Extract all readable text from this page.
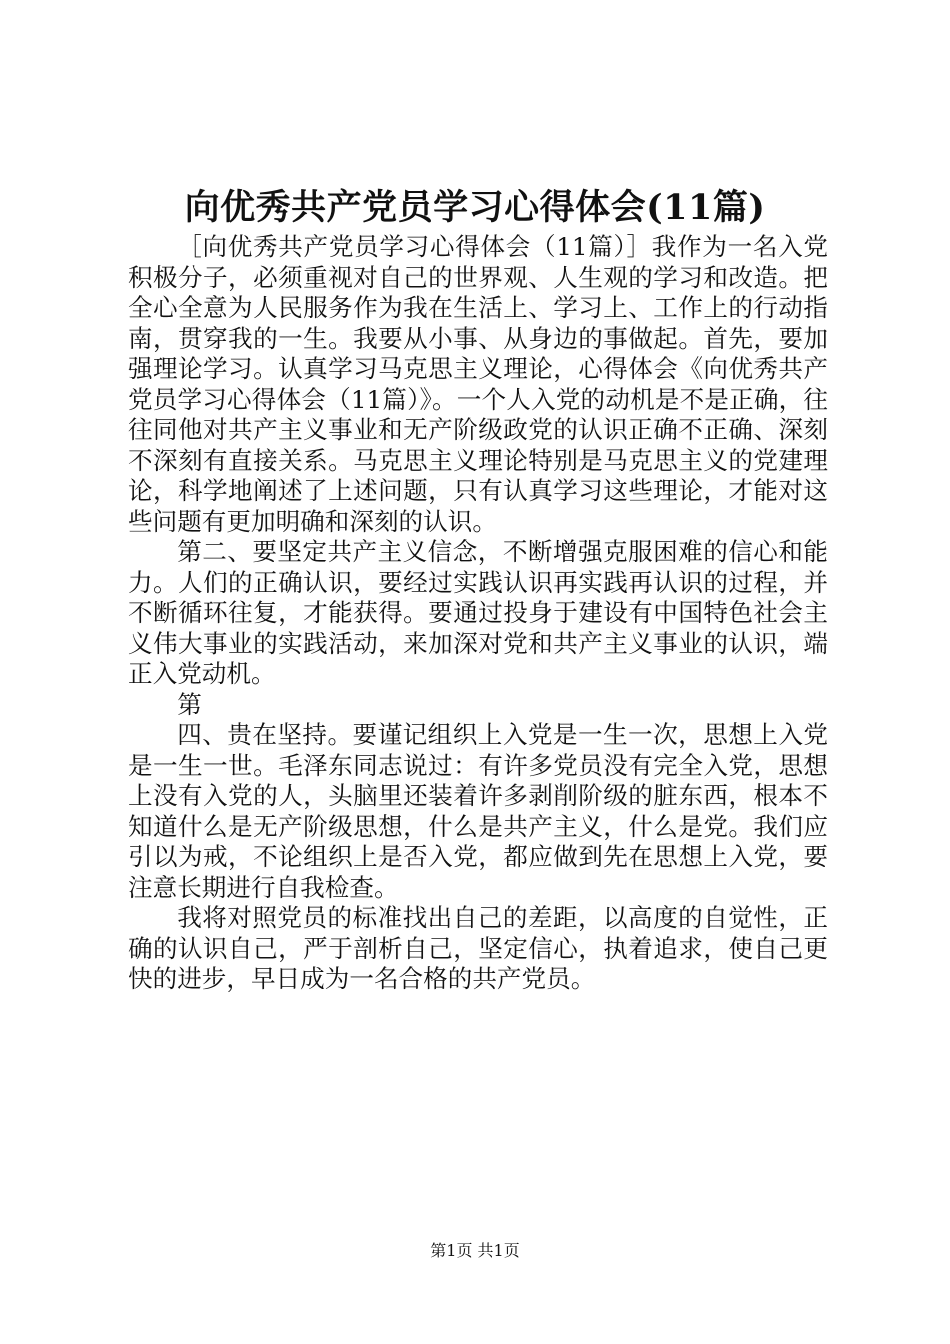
向优秀共产党员学习心得体会(11篇)

［向优秀共产党员学习心得体会（11篇）］我作为一名入党积极分子，必须重视对自己的世界观、人生观的学习和改造。把全心全意为人民服务作为我在生活上、学习上、工作上的行动指南，贯穿我的一生。我要从小事、从身边的事做起。首先，要加强理论学习。认真学习马克思主义理论，心得体会《向优秀共产党员学习心得体会（11篇）》。一个人入党的动机是不是正确，往往同他对共产主义事业和无产阶级政党的认识正确不正确、深刻不深刻有直接关系。马克思主义理论特别是马克思主义的党建理论，科学地阐述了上述问题，只有认真学习这些理论，才能对这些问题有更加明确和深刻的认识。

第二、要坚定共产主义信念，不断增强克服困难的信心和能力。人们的正确认识，要经过实践认识再实践再认识的过程，并不断循环往复，才能获得。要通过投身于建设有中国特色社会主义伟大事业的实践活动，来加深对党和共产主义事业的认识，端正入党动机。

第

四、贵在坚持。要谨记组织上入党是一生一次，思想上入党是一生一世。毛泽东同志说过：有许多党员没有完全入党，思想上没有入党的人，头脑里还装着许多剥削阶级的脏东西，根本不知道什么是无产阶级思想，什么是共产主义，什么是党。我们应引以为戒，不论组织上是否入党，都应做到先在思想上入党，要注意长期进行自我检查。

我将对照党员的标准找出自己的差距，以高度的自觉性，正确的认识自己，严于剖析自己，坚定信心，执着追求，使自己更快的进步，早日成为一名合格的共产党员。

第1页 共1页
